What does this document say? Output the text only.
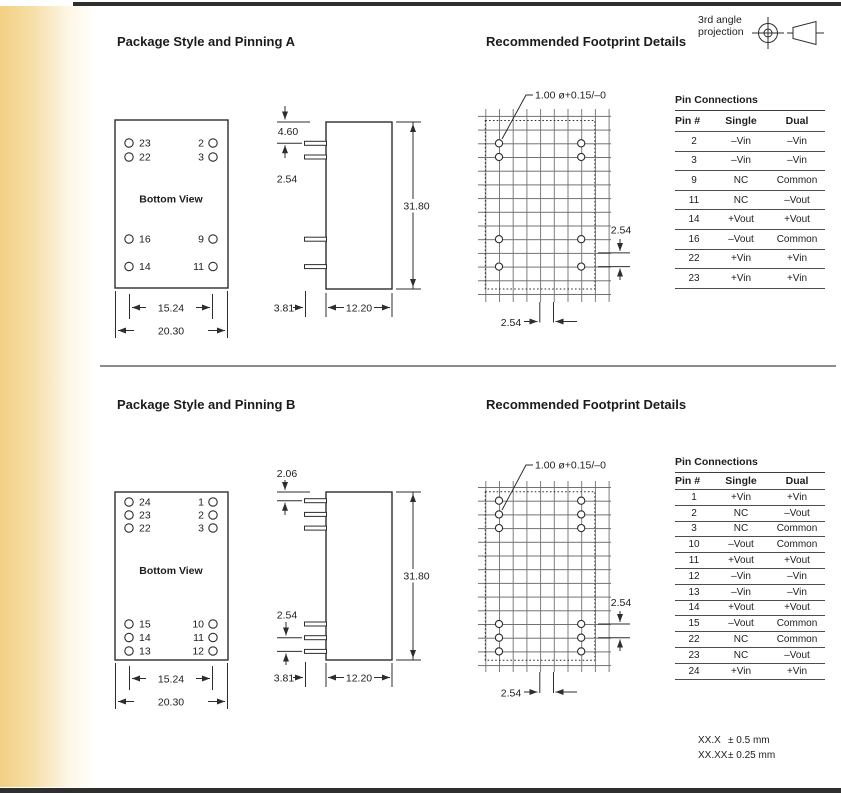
Package Style and Pinning A	Recommended Footprint Details
Package Style and Pinning B	Recommended Footprint Details
3rd angle
projection
23
22
16
14
2
3
9
11
Bottom View
15.24
20.30
4.60
2.54
3.81	12.20
31.80
1.00 ø+0.15/–0
2.54
2.54
Pin Connections
Pin #	Single	Dual
2	–Vin	–Vin
3	–Vin	–Vin
9	NC	Common
11	NC	–Vout
14	+Vout	+Vout
16	–Vout	Common
22	+Vin	+Vin
23	+Vin	+Vin
24
23
22
15
14
13
1
2
3
10
11
12
Bottom View
15.24
20.30
2.06
2.54
3.81	12.20
31.80
1.00 ø+0.15/–0
2.54
2.54
Pin Connections
Pin #	Single	Dual
1	+Vin	+Vin
2	NC	–Vout
3	NC	Common
10	–Vout	Common
11	+Vout	+Vout
12	–Vin	–Vin
13	–Vin	–Vin
14	+Vout	+Vout
15	–Vout	Common
22	NC	Common
23	NC	–Vout
24	+Vin	+Vin
XX.X ± 0.5 mm
XX.XX± 0.25 mm
